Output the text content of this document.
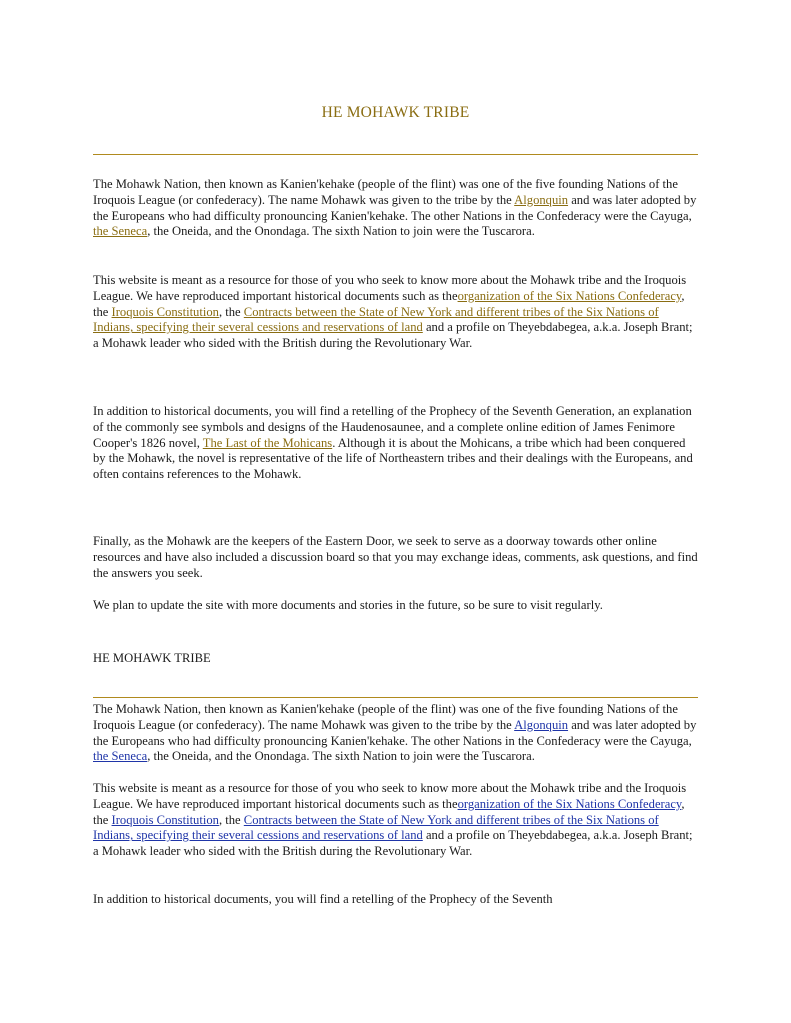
HE MOHAWK TRIBE

The Mohawk Nation, then known as Kanien'kehake (people of the flint) was one of the five founding Nations of the Iroquois League (or confederacy). The name Mohawk was given to the tribe by the Algonquin and was later adopted by the Europeans who had difficulty pronouncing Kanien'kehake. The other Nations in the Confederacy were the Cayuga, the Seneca, the Oneida, and the Onondaga. The sixth Nation to join were the Tuscarora.

This website is meant as a resource for those of you who seek to know more about the Mohawk tribe and the Iroquois League. We have reproduced important historical documents such as theorganization of the Six Nations Confederacy, the Iroquois Constitution, the Contracts between the State of New York and different tribes of the Six Nations of Indians, specifying their several cessions and reservations of land and a profile on Theyebdabegea, a.k.a. Joseph Brant; a Mohawk leader who sided with the British during the Revolutionary War.

In addition to historical documents, you will find a retelling of the Prophecy of the Seventh Generation, an explanation of the commonly see symbols and designs of the Haudenosaunee, and a complete online edition of James Fenimore Cooper's 1826 novel, The Last of the Mohicans. Although it is about the Mohicans, a tribe which had been conquered by the Mohawk, the novel is representative of the life of Northeastern tribes and their dealings with the Europeans, and often contains references to the Mohawk.

Finally, as the Mohawk are the keepers of the Eastern Door, we seek to serve as a doorway towards other online resources and have also included a discussion board so that you may exchange ideas, comments, ask questions, and find the answers you seek.

We plan to update the site with more documents and stories in the future, so be sure to visit regularly.

HE MOHAWK TRIBE

The Mohawk Nation, then known as Kanien'kehake (people of the flint) was one of the five founding Nations of the Iroquois League (or confederacy). The name Mohawk was given to the tribe by the Algonquin and was later adopted by the Europeans who had difficulty pronouncing Kanien'kehake. The other Nations in the Confederacy were the Cayuga, the Seneca, the Oneida, and the Onondaga. The sixth Nation to join were the Tuscarora.

This website is meant as a resource for those of you who seek to know more about the Mohawk tribe and the Iroquois League. We have reproduced important historical documents such as theorganization of the Six Nations Confederacy, the Iroquois Constitution, the Contracts between the State of New York and different tribes of the Six Nations of Indians, specifying their several cessions and reservations of land and a profile on Theyebdabegea, a.k.a. Joseph Brant; a Mohawk leader who sided with the British during the Revolutionary War.

In addition to historical documents, you will find a retelling of the Prophecy of the Seventh
